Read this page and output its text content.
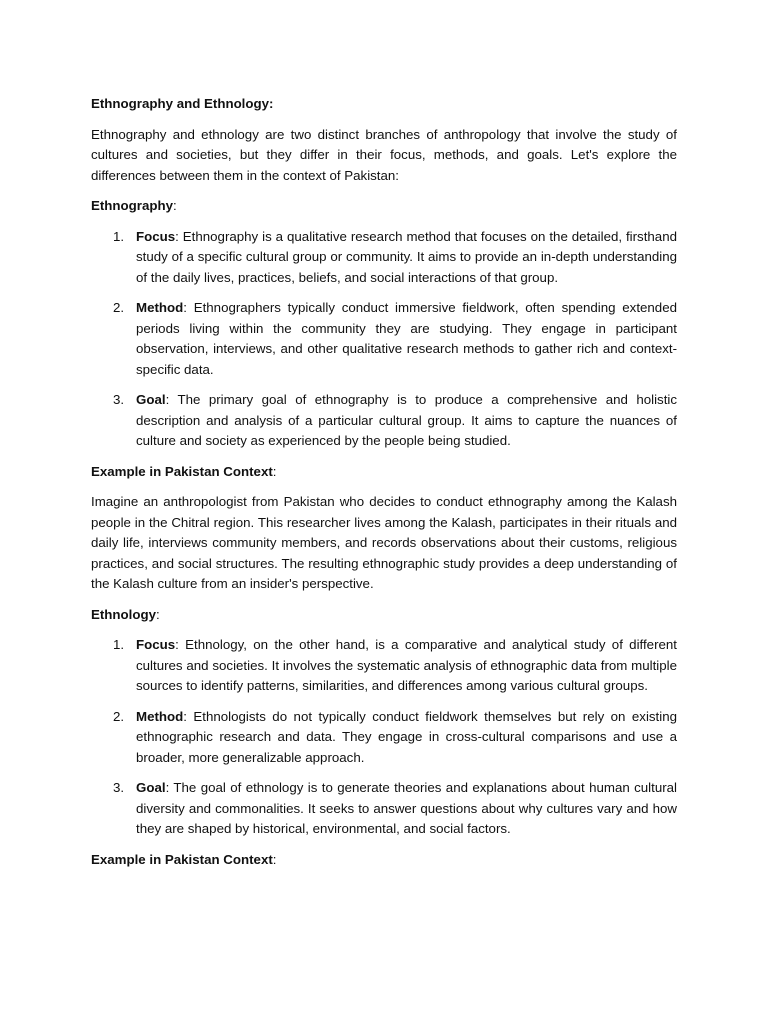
Ethnography and Ethnology:

Ethnography and ethnology are two distinct branches of anthropology that involve the study of cultures and societies, but they differ in their focus, methods, and goals. Let's explore the differences between them in the context of Pakistan:

Ethnography:

1. Focus: Ethnography is a qualitative research method that focuses on the detailed, firsthand study of a specific cultural group or community. It aims to provide an in-depth understanding of the daily lives, practices, beliefs, and social interactions of that group.
2. Method: Ethnographers typically conduct immersive fieldwork, often spending extended periods living within the community they are studying. They engage in participant observation, interviews, and other qualitative research methods to gather rich and context-specific data.
3. Goal: The primary goal of ethnography is to produce a comprehensive and holistic description and analysis of a particular cultural group. It aims to capture the nuances of culture and society as experienced by the people being studied.

Example in Pakistan Context:

Imagine an anthropologist from Pakistan who decides to conduct ethnography among the Kalash people in the Chitral region. This researcher lives among the Kalash, participates in their rituals and daily life, interviews community members, and records observations about their customs, religious practices, and social structures. The resulting ethnographic study provides a deep understanding of the Kalash culture from an insider's perspective.

Ethnology:

1. Focus: Ethnology, on the other hand, is a comparative and analytical study of different cultures and societies. It involves the systematic analysis of ethnographic data from multiple sources to identify patterns, similarities, and differences among various cultural groups.
2. Method: Ethnologists do not typically conduct fieldwork themselves but rely on existing ethnographic research and data. They engage in cross-cultural comparisons and use a broader, more generalizable approach.
3. Goal: The goal of ethnology is to generate theories and explanations about human cultural diversity and commonalities. It seeks to answer questions about why cultures vary and how they are shaped by historical, environmental, and social factors.

Example in Pakistan Context:
